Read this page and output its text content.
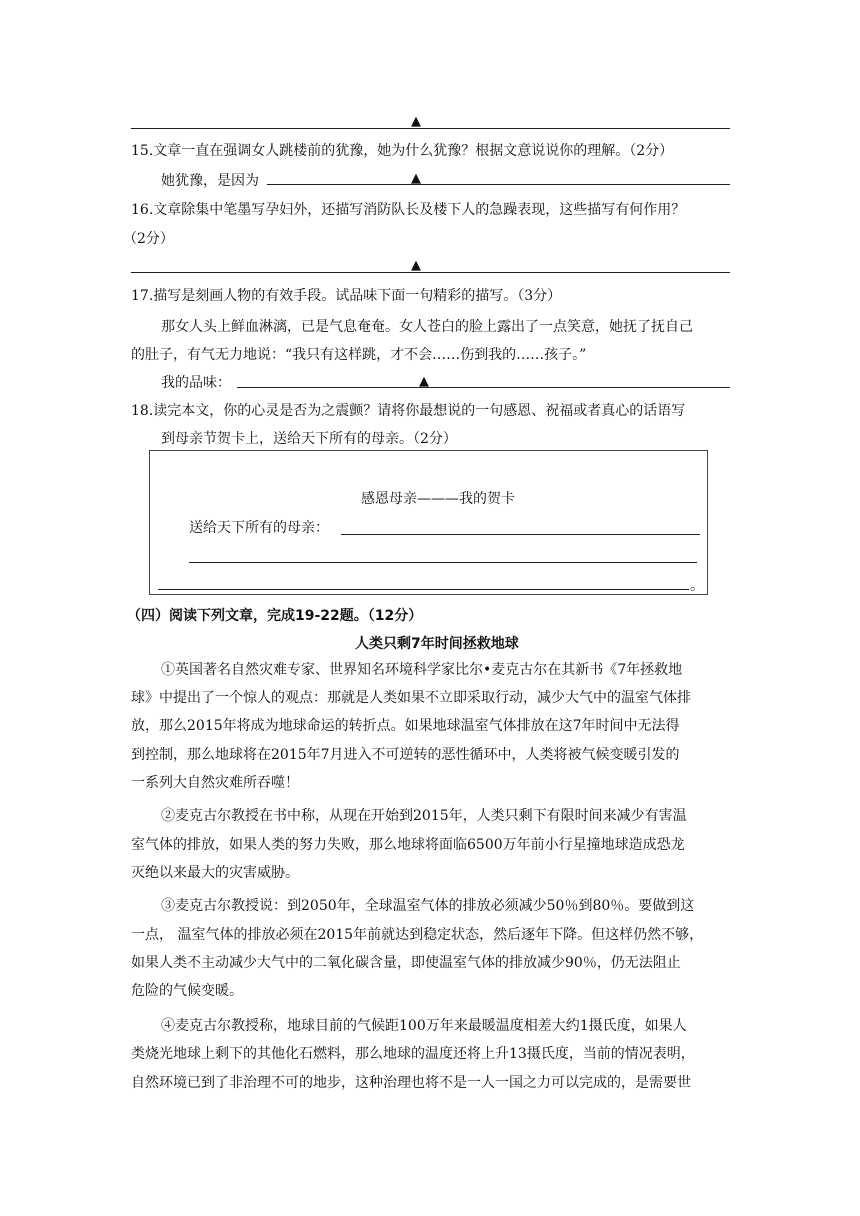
▲
15.文章一直在强调女人跳楼前的犹豫，她为什么犹豫？根据文意说说你的理解。（2分）
她犹豫，是因为	▲
16.文章除集中笔墨写孕妇外，还描写消防队长及楼下人的急躁表现，这些描写有何作用？
（2分）
▲
17.描写是刻画人物的有效手段。试品味下面一句精彩的描写。（3分）
那女人头上鲜血淋漓，已是气息奄奄。女人苍白的脸上露出了一点笑意，她抚了抚自己
的肚子，有气无力地说：“我只有这样跳，才不会……伤到我的……孩子。”
我的品味：	▲
18.读完本文，你的心灵是否为之震颤？请将你最想说的一句感恩、祝福或者真心的话语写
到母亲节贺卡上，送给天下所有的母亲。（2分）
感恩母亲———我的贺卡
送给天下所有的母亲：
。
（四）阅读下列文章，完成19-22题。（12分）
人类只剩7年时间拯救地球
①英国著名自然灾难专家、世界知名环境科学家比尔•麦克古尔在其新书《7年拯救地
球》中提出了一个惊人的观点：那就是人类如果不立即采取行动，减少大气中的温室气体排
放，那么2015年将成为地球命运的转折点。如果地球温室气体排放在这7年时间中无法得
到控制，那么地球将在2015年7月进入不可逆转的恶性循环中，人类将被气候变暖引发的
一系列大自然灾难所吞噬！
②麦克古尔教授在书中称，从现在开始到2015年，人类只剩下有限时间来减少有害温
室气体的排放，如果人类的努力失败，那么地球将面临6500万年前小行星撞地球造成恐龙
灭绝以来最大的灾害威胁。
③麦克古尔教授说：到2050年，全球温室气体的排放必须减少50％到80％。要做到这
一点， 温室气体的排放必须在2015年前就达到稳定状态，然后逐年下降。但这样仍然不够，
如果人类不主动减少大气中的二氧化碳含量，即使温室气体的排放减少90％，仍无法阻止
危险的气候变暖。
④麦克古尔教授称，地球目前的气候距100万年来最暖温度相差大约1摄氏度，如果人
类烧光地球上剩下的其他化石燃料，那么地球的温度还将上升13摄氏度，当前的情况表明，
自然环境已到了非治理不可的地步，这种治理也将不是一人一国之力可以完成的，是需要世
